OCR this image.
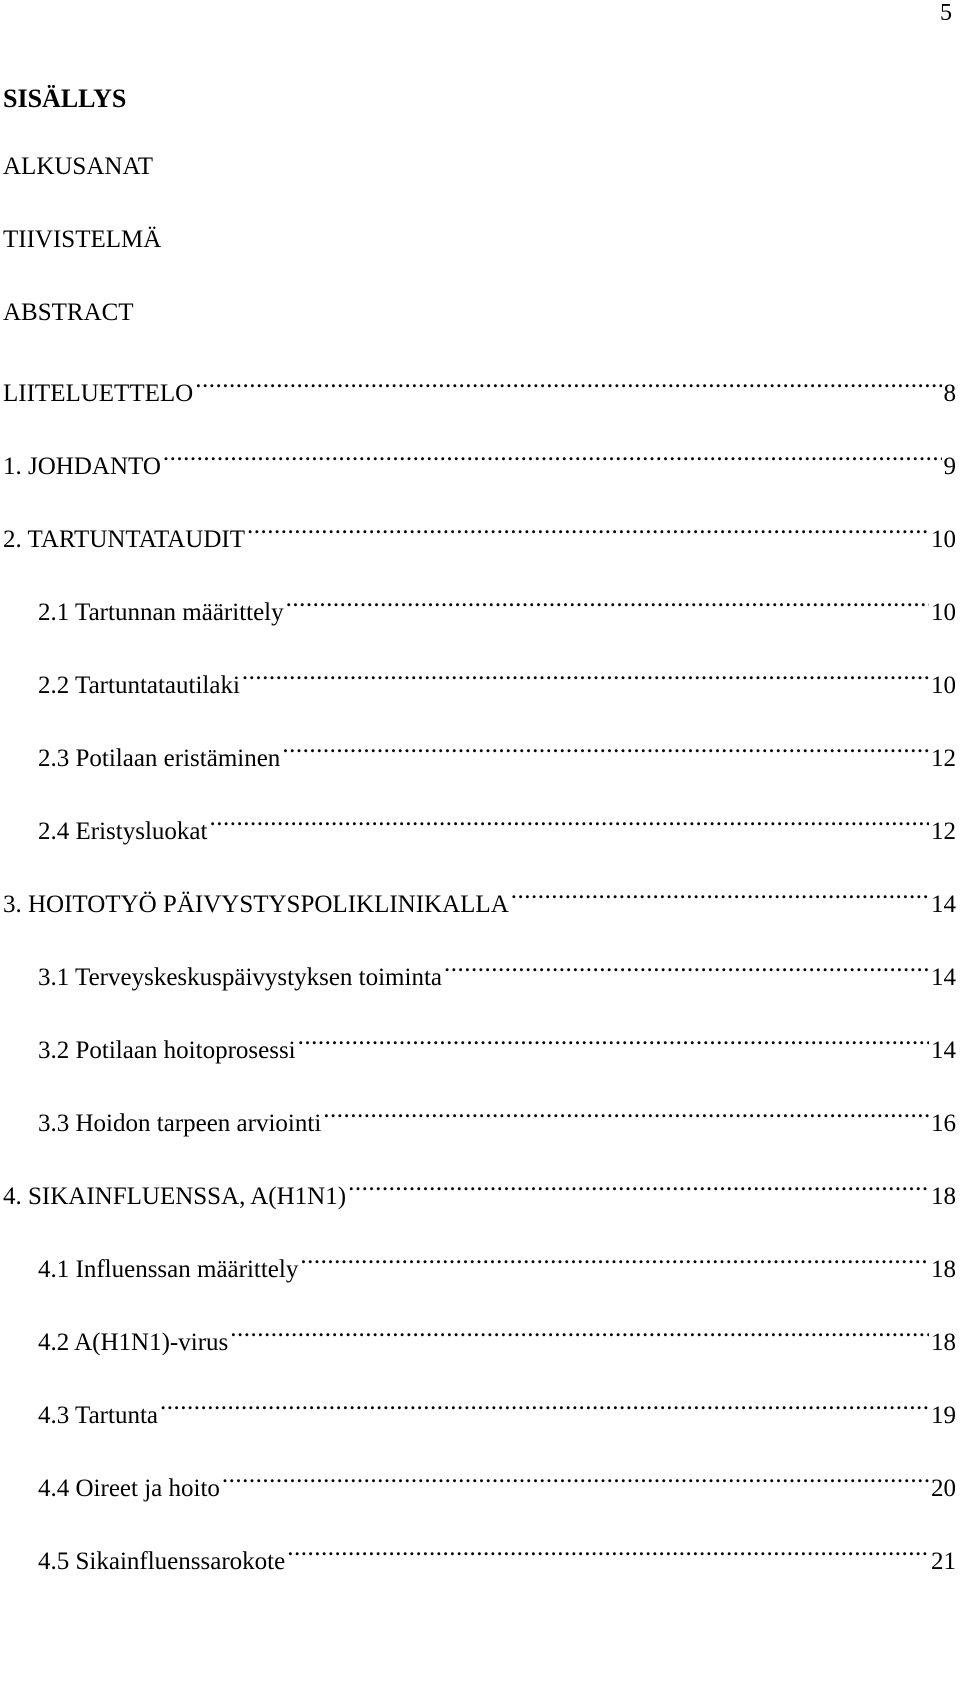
5
SISÄLLYS
ALKUSANAT
TIIVISTELMÄ
ABSTRACT
LIITELUETTELO .....	8
1. JOHDANTO .....	9
2. TARTUNTATAUDIT .....	10
2.1 Tartunnan määrittely .....	10
2.2 Tartuntatautilaki .....	10
2.3 Potilaan eristäminen .....	12
2.4 Eristysluokat .....	12
3. HOITOTYÖ PÄIVYSTYSPOLIKLINIKALLA .....	14
3.1 Terveyskeskuspäivystyksen toiminta .....	14
3.2 Potilaan hoitoprosessi .....	14
3.3 Hoidon tarpeen arviointi .....	16
4. SIKAINFLUENSSA, A(H1N1) .....	18
4.1 Influenssan määrittely .....	18
4.2 A(H1N1)-virus .....	18
4.3 Tartunta .....	19
4.4 Oireet ja hoito .....	20
4.5 Sikainfluenssarokote .....	21
